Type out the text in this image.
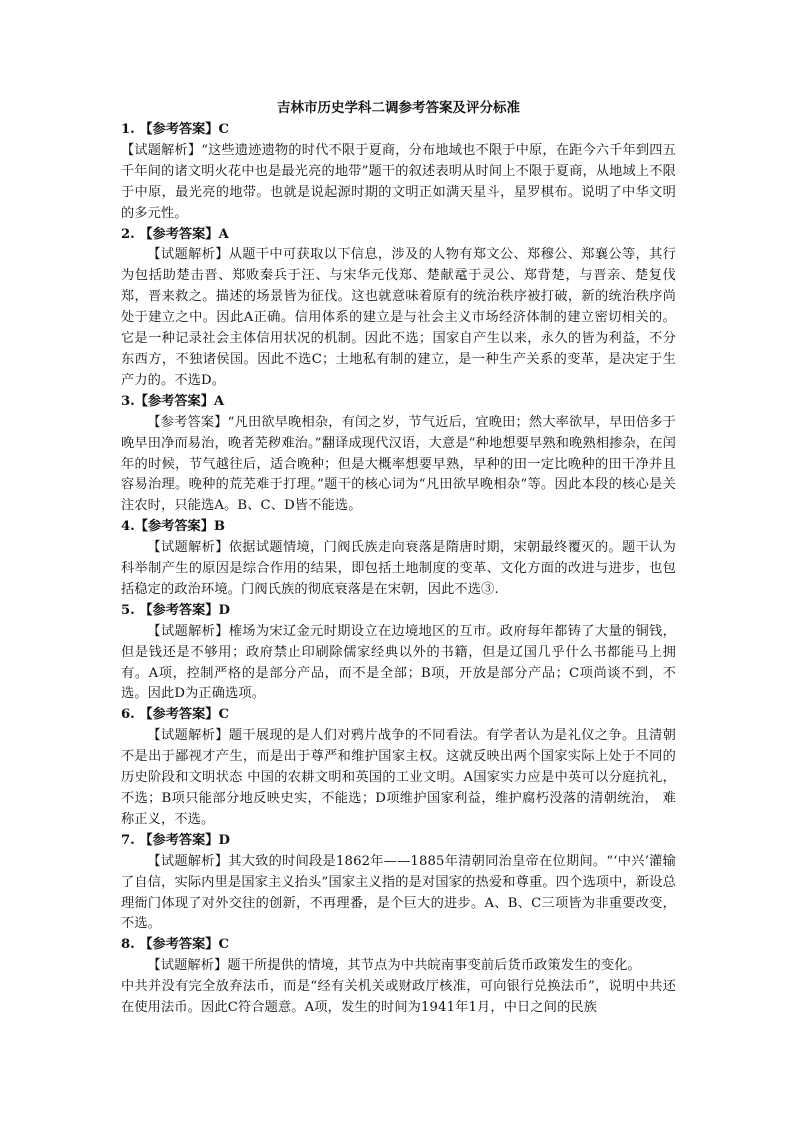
吉林市历史学科二调参考答案及评分标准

1. 【参考答案】C

【试题解析】“这些遗迹遗物的时代不限于夏商，分布地域也不限于中原，在距今六千年到四五千年间的诸文明火花中也是最光亮的地带”题干的叙述表明从时间上不限于夏商，从地域上不限于中原，最光亮的地带。也就是说起源时期的文明正如满天星斗，星罗棋布。说明了中华文明的多元性。

2. 【参考答案】A

【试题解析】从题干中可获取以下信息，涉及的人物有郑文公、郑穆公、郑襄公等，其行为包括助楚击晋、郑败秦兵于汪、与宋华元伐郑、楚献鼋于灵公、郑背楚，与晋亲、楚复伐郑，晋来救之。描述的场景皆为征伐。这也就意味着原有的统治秩序被打破，新的统治秩序尚处于建立之中。因此A正确。信用体系的建立是与社会主义市场经济体制的建立密切相关的。它是一种记录社会主体信用状况的机制。因此不选；国家自产生以来，永久的皆为利益，不分东西方，不独诸侯国。因此不选C；土地私有制的建立，是一种生产关系的变革，是决定于生产力的。不选D。

3.【参考答案】A

【参考答案】“凡田欲早晚相杂，有闰之岁，节气近后，宜晚田；然大率欲早，早田倍多于晚早田净而易治，晚者芜秽难治。”翻译成现代汉语，大意是“种地想要早熟和晚熟相掺杂，在闰年的时候，节气越往后，适合晚种；但是大概率想要早熟，早种的田一定比晚种的田干净并且容易治理。晚种的荒芜难于打理。”题干的核心词为“凡田欲早晚相杂”等。因此本段的核心是关注农时，只能选A。B、C、D皆不能选。

4.【参考答案】B

【试题解析】依据试题情境，门阀氏族走向衰落是隋唐时期，宋朝最终覆灭的。题干认为科举制产生的原因是综合作用的结果，即包括土地制度的变革、文化方面的改进与进步，也包括稳定的政治环境。门阀氏族的彻底衰落是在宋朝，因此不选③.

5. 【参考答案】D

【试题解析】榷场为宋辽金元时期设立在边境地区的互市。政府每年都铸了大量的铜钱，但是钱还是不够用；政府禁止印刷除儒家经典以外的书籍，但是辽国几乎什么书都能马上拥有。A项，控制严格的是部分产品，而不是全部；B项，开放是部分产品；C项尚谈不到，不选。因此D为正确选项。

6. 【参考答案】C

【试题解析】题干展现的是人们对鸦片战争的不同看法。有学者认为是礼仪之争。且清朝不是出于鄙视才产生，而是出于尊严和维护国家主权。这就反映出两个国家实际上处于不同的历史阶段和文明状态 中国的农耕文明和英国的工业文明。A国家实力应是中英可以分庭抗礼，不选；B项只能部分地反映史实，不能选；D项维护国家利益，维护腐朽没落的清朝统治， 难称正义，不选。

7. 【参考答案】D

【试题解析】其大致的时间段是1862年——1885年清朝同治皇帝在位期间。“‘中兴’灌输了自信，实际内里是国家主义抬头”国家主义指的是对国家的热爱和尊重。四个选项中，新设总理衙门体现了对外交往的创新，不再理番，是个巨大的进步。A、B、C三项皆为非重要改变，不选。

8. 【参考答案】C

【试题解析】题干所提供的情境，其节点为中共皖南事变前后货币政策发生的变化。

中共并没有完全放弃法币，而是“经有关机关或财政厅核准，可向银行兑换法币”，说明中共还在使用法币。因此C符合题意。A项，发生的时间为1941年1月，中日之间的民族
